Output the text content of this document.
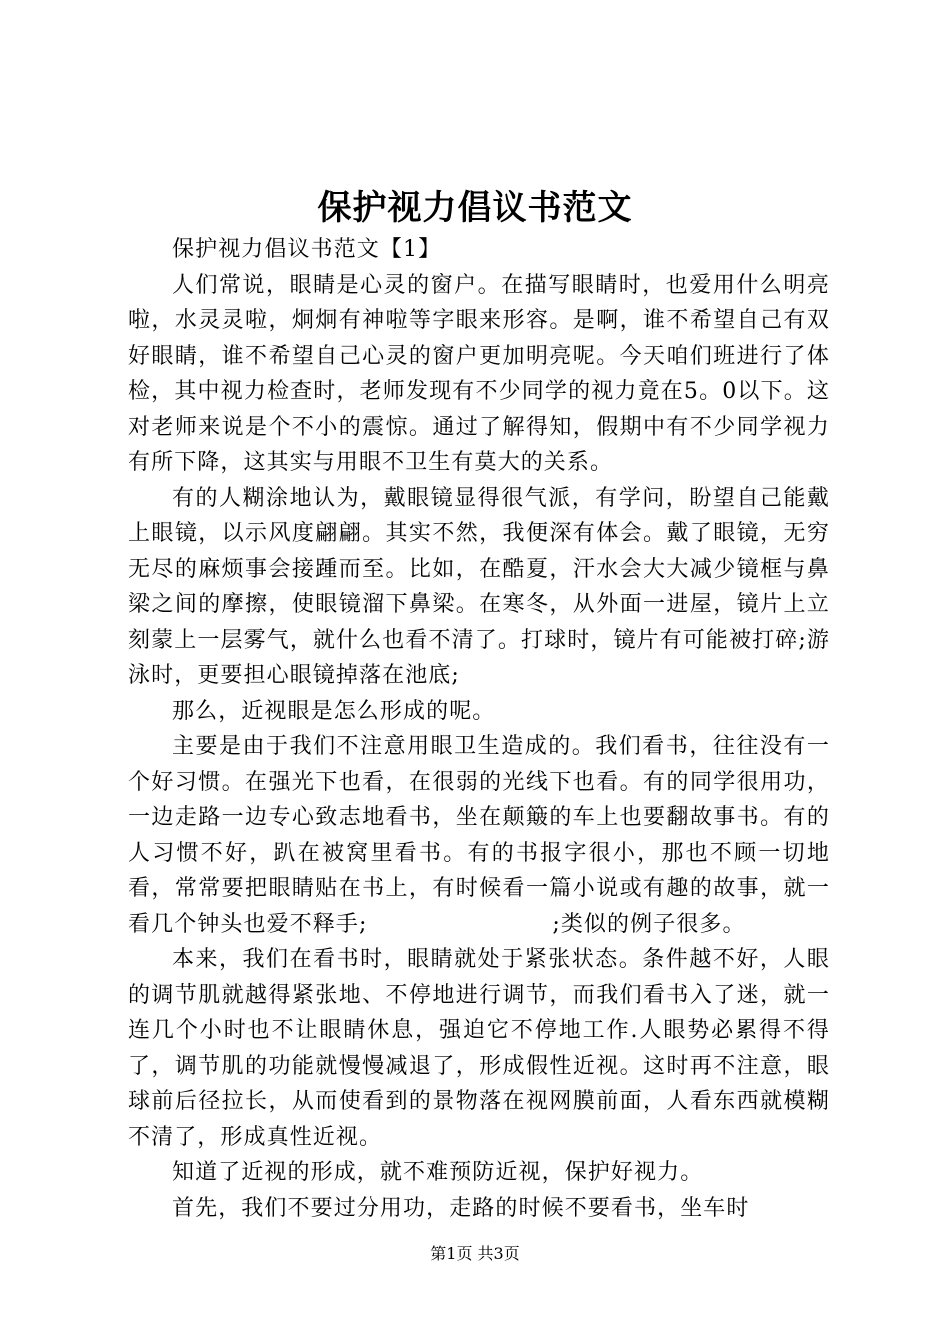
保护视力倡议书范文

保护视力倡议书范文【1】

人们常说，眼睛是心灵的窗户。在描写眼睛时，也爱用什么明亮啦，水灵灵啦，炯炯有神啦等字眼来形容。是啊，谁不希望自己有双好眼睛，谁不希望自己心灵的窗户更加明亮呢。今天咱们班进行了体检，其中视力检查时，老师发现有不少同学的视力竟在5。0以下。这对老师来说是个不小的震惊。通过了解得知，假期中有不少同学视力有所下降，这其实与用眼不卫生有莫大的关系。

有的人糊涂地认为，戴眼镜显得很气派，有学问，盼望自己能戴上眼镜，以示风度翩翩。其实不然，我便深有体会。戴了眼镜，无穷无尽的麻烦事会接踵而至。比如，在酷夏，汗水会大大减少镜框与鼻梁之间的摩擦，使眼镜溜下鼻梁。在寒冬，从外面一进屋，镜片上立刻蒙上一层雾气，就什么也看不清了。打球时，镜片有可能被打碎;游泳时，更要担心眼镜掉落在池底;

那么，近视眼是怎么形成的呢。

主要是由于我们不注意用眼卫生造成的。我们看书，往往没有一个好习惯。在强光下也看，在很弱的光线下也看。有的同学很用功，一边走路一边专心致志地看书，坐在颠簸的车上也要翻故事书。有的人习惯不好，趴在被窝里看书。有的书报字很小，那也不顾一切地看，常常要把眼睛贴在书上，有时候看一篇小说或有趣的故事，就一看几个钟头也爱不释手;　　　　　　　　;类似的例子很多。

本来，我们在看书时，眼睛就处于紧张状态。条件越不好，人眼的调节肌就越得紧张地、不停地进行调节，而我们看书入了迷，就一连几个小时也不让眼睛休息，强迫它不停地工作.人眼势必累得不得了，调节肌的功能就慢慢减退了，形成假性近视。这时再不注意，眼球前后径拉长，从而使看到的景物落在视网膜前面，人看东西就模糊不清了，形成真性近视。

知道了近视的形成，就不难预防近视，保护好视力。

首先，我们不要过分用功，走路的时候不要看书，坐车时

第1页 共3页
